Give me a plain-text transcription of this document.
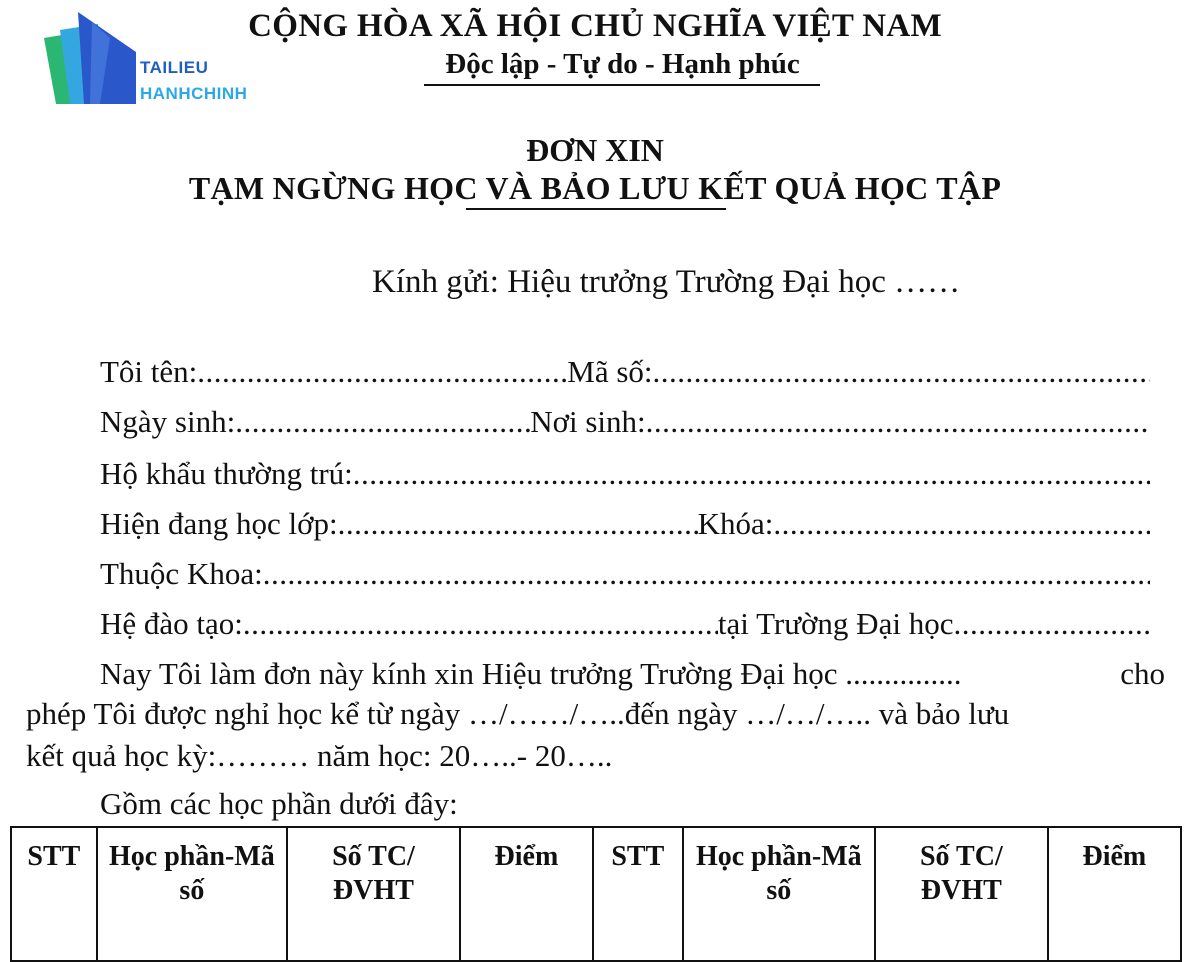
TAILIEU
HANHCHINH
CỘNG HÒA XÃ HỘI CHỦ NGHĨA VIỆT NAM
Độc lập - Tự do - Hạnh phúc
ĐƠN XIN
TẠM NGỪNG HỌC VÀ BẢO LƯU KẾT QUẢ HỌC TẬP
Kính gửi: Hiệu trưởng Trường Đại học ……
Tôi tên: .....	Mã số:
.....
Ngày sinh: .....	Nơi sinh:
.....
Hộ khẩu thường trú:
.....
Hiện đang học lớp: .....	Khóa:
.....
Thuộc Khoa:
.....
Hệ đào tạo: .....	tại Trường Đại học
.....
Nay Tôi làm đơn này kính xin Hiệu trưởng Trường Đại học ...............	cho
phép Tôi được nghỉ học kể từ ngày …/……/…..đến ngày …/…/….. và bảo lưu
kết quả học kỳ:……… năm học: 20…..- 20…..
Gồm các học phần dưới đây:
STT	Học phần-Mã số	Số TC/ĐVHT	Điểm	STT	Học phần-Mã số	Số TC/ĐVHT	Điểm
